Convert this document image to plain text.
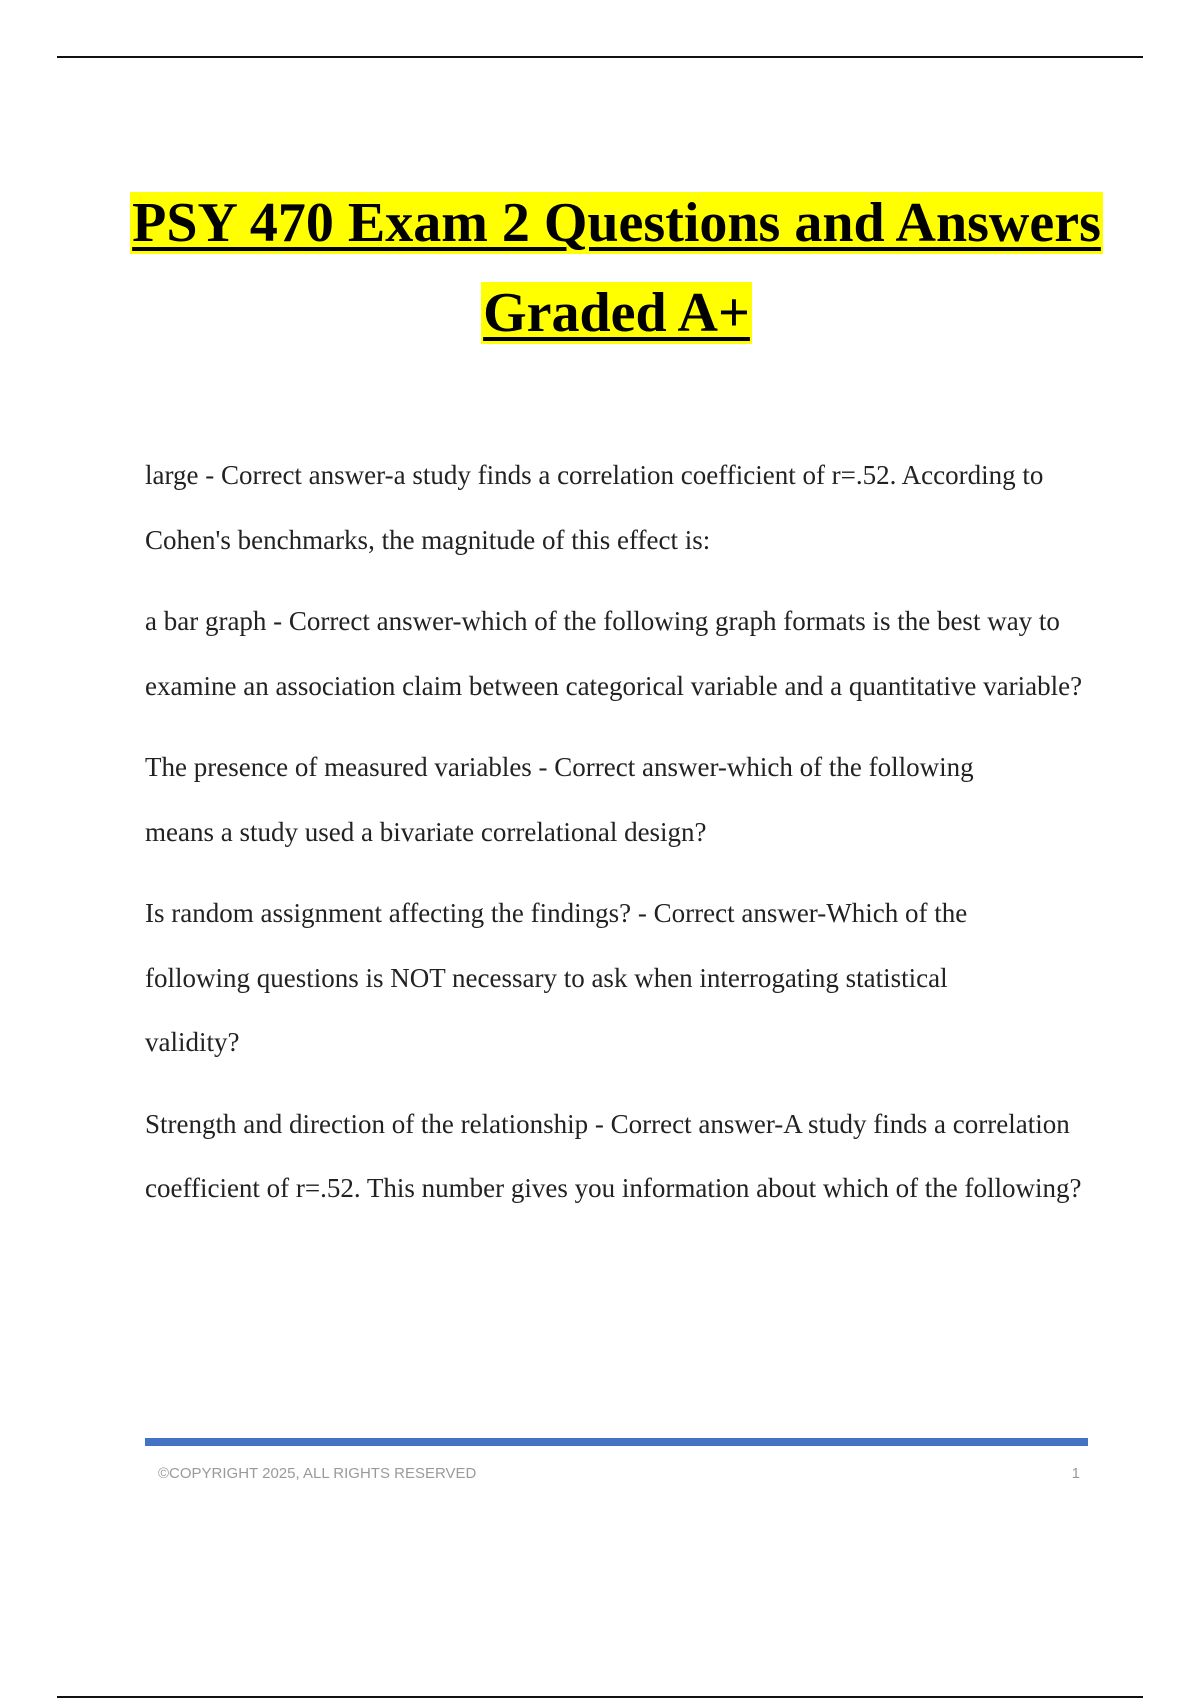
PSY 470 Exam 2 Questions and Answers

Graded A+

large - Correct answer-a study finds a correlation coefficient of r=.52. According to Cohen's benchmarks, the magnitude of this effect is:

a bar graph - Correct answer-which of the following graph formats is the best way to examine an association claim between categorical variable and a quantitative variable?

The presence of measured variables - Correct answer-which of the following means a study used a bivariate correlational design?

Is random assignment affecting the findings? - Correct answer-Which of the following questions is NOT necessary to ask when interrogating statistical validity?

Strength and direction of the relationship - Correct answer-A study finds a correlation coefficient of r=.52. This number gives you information about which of the following?

©COPYRIGHT 2025, ALL RIGHTS RESERVED	1
